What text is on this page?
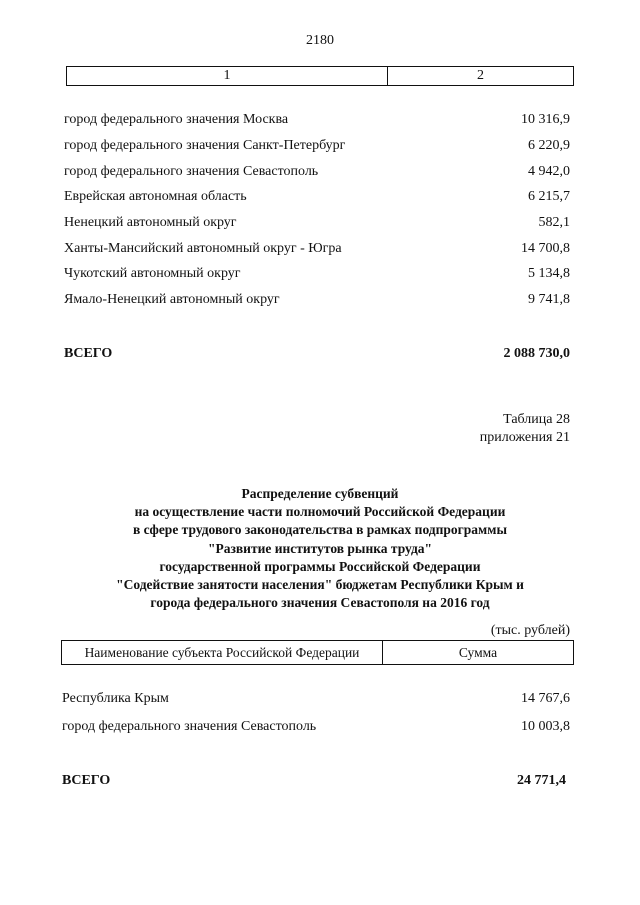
2180
1	2
город федерального значения Москва	10 316,9
город федерального значения Санкт-Петербург	6 220,9
город федерального значения Севастополь	4 942,0
Еврейская автономная область	6 215,7
Ненецкий автономный округ	582,1
Ханты-Мансийский автономный округ - Югра	14 700,8
Чукотский автономный округ	5 134,8
Ямало-Ненецкий автономный округ	9 741,8
ВСЕГО	2 088 730,0
Таблица 28
приложения 21
Распределение субвенций
на осуществление части полномочий Российской Федерации
в сфере трудового законодательства в рамках подпрограммы
"Развитие институтов рынка труда"
государственной программы Российской Федерации
"Содействие занятости населения" бюджетам Республики Крым и
города федерального значения Севастополя на 2016 год
(тыс. рублей)
Наименование субъекта Российской Федерации	Сумма
Республика Крым	14 767,6
город федерального значения Севастополь	10 003,8
ВСЕГО	24 771,4
